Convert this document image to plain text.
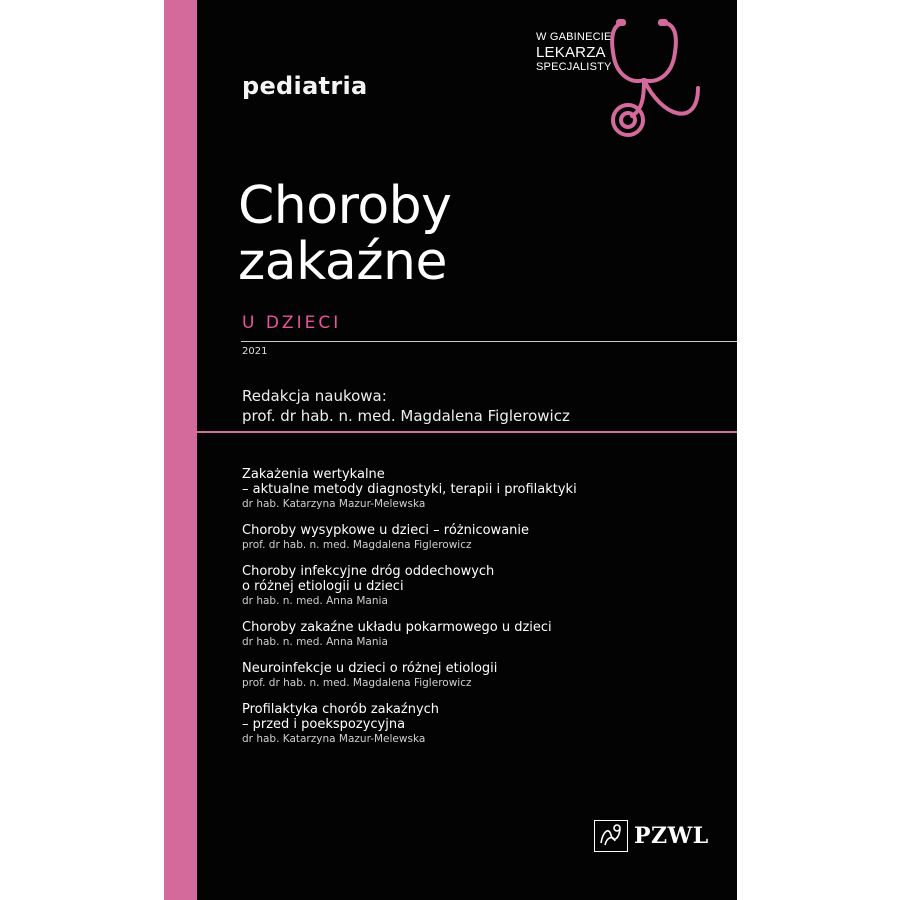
pediatria
W GABINECIE
LEKARZA
SPECJALISTY
Choroby
zakaźne
U DZIECI
2021
Redakcja naukowa:
prof. dr hab. n. med. Magdalena Figlerowicz
Zakażenia wertykalne
– aktualne metody diagnostyki, terapii i profilaktyki
dr hab. Katarzyna Mazur-Melewska
Choroby wysypkowe u dzieci – różnicowanie
prof. dr hab. n. med. Magdalena Figlerowicz
Choroby infekcyjne dróg oddechowych
o różnej etiologii u dzieci
dr hab. n. med. Anna Mania
Choroby zakaźne układu pokarmowego u dzieci
dr hab. n. med. Anna Mania
Neuroinfekcje u dzieci o różnej etiologii
prof. dr hab. n. med. Magdalena Figlerowicz
Profilaktyka chorób zakaźnych
– przed i poekspozycyjna
dr hab. Katarzyna Mazur-Melewska
PZWL
